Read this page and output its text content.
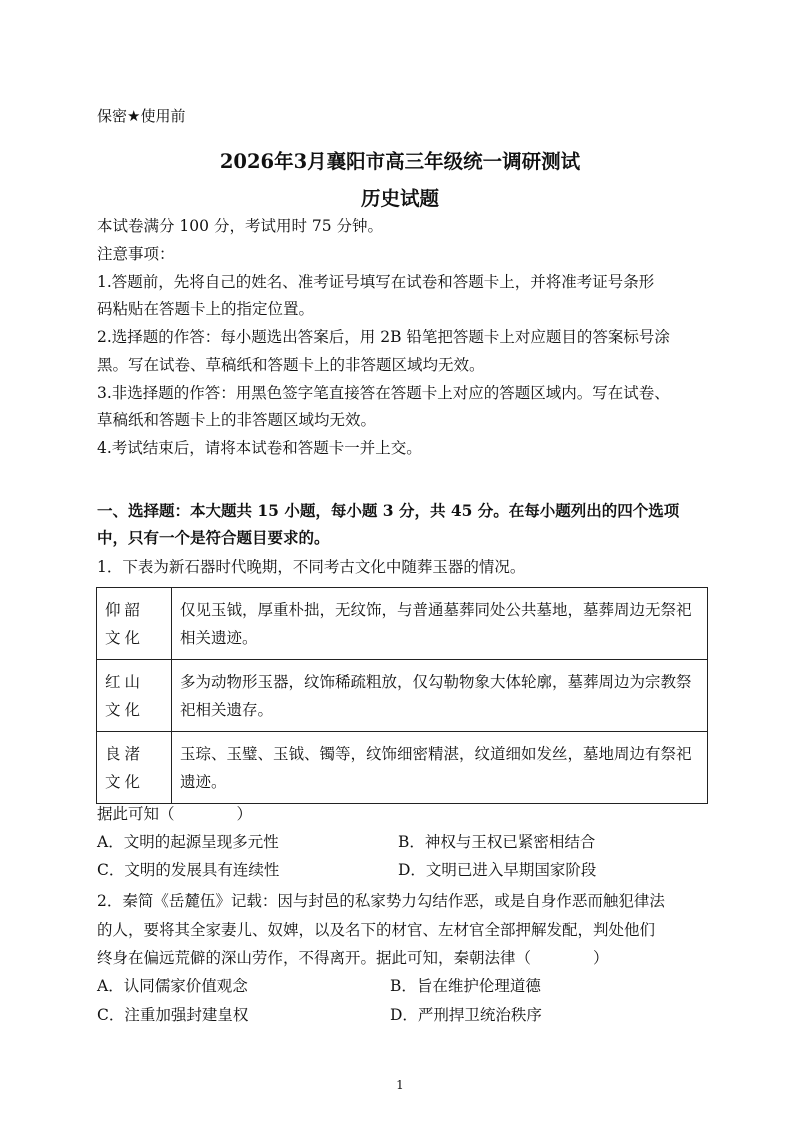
保密★使用前
2026年3月襄阳市高三年级统一调研测试
历史试题
本试卷满分 100 分，考试用时 75 分钟。
注意事项：
1.答题前，先将自己的姓名、准考证号填写在试卷和答题卡上，并将准考证号条形
码粘贴在答题卡上的指定位置。
2.选择题的作答：每小题选出答案后，用 2B 铅笔把答题卡上对应题目的答案标号涂
黑。写在试卷、草稿纸和答题卡上的非答题区域均无效。
3.非选择题的作答：用黑色签字笔直接答在答题卡上对应的答题区域内。写在试卷、
草稿纸和答题卡上的非答题区域均无效。
4.考试结束后，请将本试卷和答题卡一并上交。
一、选择题：本大题共 15 小题，每小题 3 分，共 45 分。在每小题列出的四个选项
中，只有一个是符合题目要求的。
1．下表为新石器时代晚期，不同考古文化中随葬玉器的情况。
仰韶文化	仅见玉钺，厚重朴拙，无纹饰，与普通墓葬同处公共墓地，墓葬周边无祭祀相关遗迹。
红山文化	多为动物形玉器，纹饰稀疏粗放，仅勾勒物象大体轮廓，墓葬周边为宗教祭祀相关遗存。
良渚文化	玉琮、玉璧、玉钺、镯等，纹饰细密精湛，纹道细如发丝，墓地周边有祭祀遗迹。
据此可知（　　　　）
A．文明的起源呈现多元性	B．神权与王权已紧密相结合
C．文明的发展具有连续性	D．文明已进入早期国家阶段
2．秦简《岳麓伍》记载：因与封邑的私家势力勾结作恶，或是自身作恶而触犯律法
的人，要将其全家妻儿、奴婢，以及名下的材官、左材官全部押解发配，判处他们
终身在偏远荒僻的深山劳作，不得离开。据此可知，秦朝法律（　　　　）
A．认同儒家价值观念	B．旨在维护伦理道德
C．注重加强封建皇权	D．严刑捍卫统治秩序
1
